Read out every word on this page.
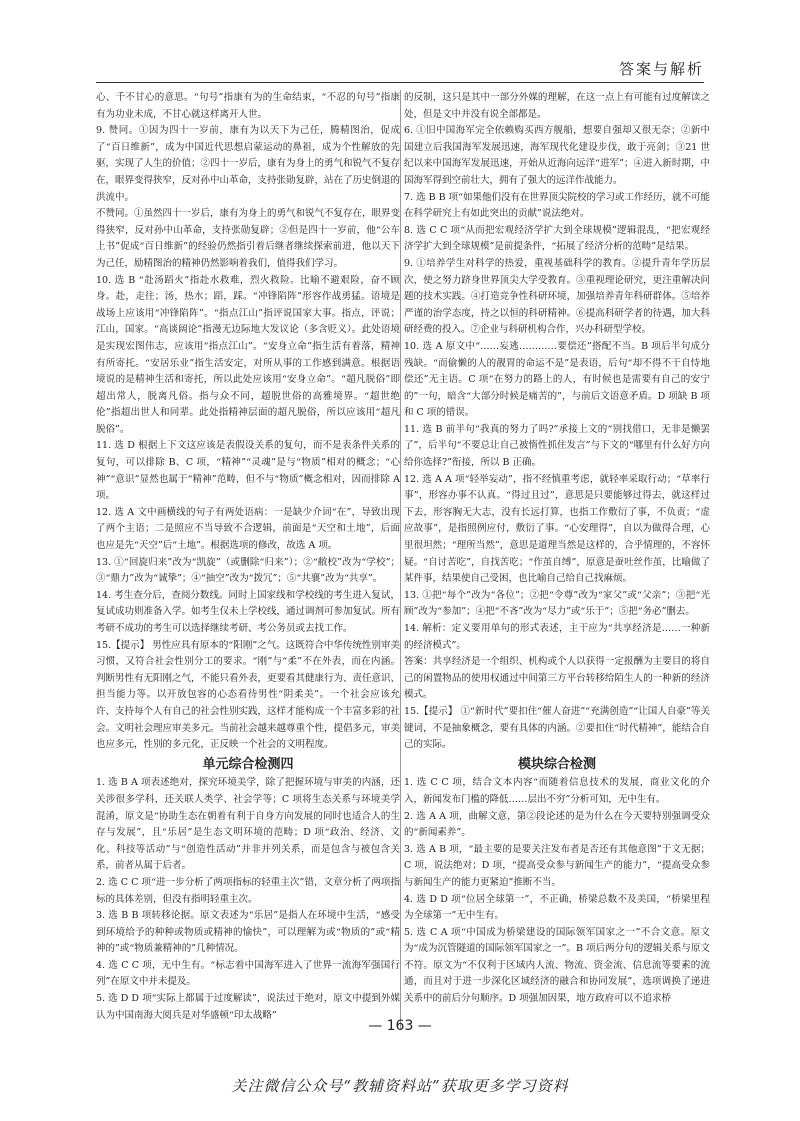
答案与解析

心、千不甘心的意思。“句号”指康有为的生命结束，“不忍的句号”指康有为功业未成，不甘心就这样离开人世。

9. 赞同。①因为四十一岁前，康有为以天下为己任，腾精图治，促成了“百日维新”，成为中国近代思想启蒙运动的鼻祖，成为个性解放的先驱，实现了人生的价值；②四十一岁后，康有为身上的勇气和锐气不复存在，眼界变得狭窄，反对孙中山革命，支持张勋复辟，站在了历史倒退的洪流中。

不赞同。①虽然四十一岁后，康有为身上的勇气和锐气不复存在，眼界变得狭窄，反对孙中山革命，支持张勋复辟；②但是四十一岁前，他“公车上书”促成“百日维新”的经验仍然指引着后继者继续探索前进，他以天下为己任，励精图治的精神仍然影响着我们，值得我们学习。

10. 选 B “赴汤蹈火”指赴水救难，烈火救险。比喻不避艰险，奋不顾身。赴，走往；汤，热水；蹈，踩。“冲锋陷阵”形容作战勇猛。语境是战场上应该用“冲锋陷阵”。“指点江山”指评说国家大事。指点，评说；江山，国家。“高谈阔论”指漫无边际地大发议论（多含贬义）。此处语境是实现宏图伟志，应该用“指点江山”。“安身立命”指生活有着落，精神有所寄托。“安居乐业”指生活安定，对所从事的工作感到满意。根据语境说的是精神生活和寄托，所以此处应该用“安身立命”。“超凡脱俗”即超出常人，脱离凡俗。指与众不同，超脱世俗的高雅境界。“超世绝伦”指超出世人和同辈。此处指精神层面的超凡脱俗，所以应该用“超凡脱俗”。

11. 选 D 根据上下文这应该是表假设关系的复句，而不是表条件关系的复句，可以排除 B、C 项，“精神”“灵魂”是与“物质”相对的概念；“心神”“意识”显然也属于“精神”范畴，但不与“物质”概念相对，因而排除 A 项。

12. 选 A 文中画横线的句子有两处语病：一是缺少介词“在”，导致出现了两个主语；二是照应不当导致不合逻辑，前面是“天空和土地”，后面也应是先“天空”后“土地”。根据选项的修改，故选 A 项。

13. ①“回旋归来”改为“凯旋”（或删除“归来”）；②“敝校”改为“学校”；③“鼎力”改为“诚挚”；④“抽空”改为“拨冗”；⑤“共襄”改为“共享”。

14. 考生查分后，查阅分数线。同时上国家线和学校线的考生进入复试，复试成功则准备入学。如考生仅未上学校线，通过调剂可参加复试。所有考研不成功的考生可以选择继续考研、考公务员或去找工作。

15.【提示】 男性应具有原本的“阳刚”之气。这既符合中华传统性别审美习惯，又符合社会性别分工的要求。“刚”与“柔”不在外表，而在内涵。判断男性有无阳刚之气，不能只看外表，更要看其健康行为、责任意识、担当能力等。以开放包容的心态看待男性“阴柔美”。一个社会应该允许、支持每个人有自己的社会性别实践，这样才能构成一个丰富多彩的社会。文明社会理应审美多元。当前社会越来越尊重个性，提倡多元，审美也应多元，性别的多元化，正反映一个社会的文明程度。

单元综合检测四

1. 选 B A 项表述绝对，探究环境美学，除了把握环境与审美的内涵，还关涉很多学科，还关联人类学、社会学等；C 项将生态关系与环境美学混淆，原文是“协助生态在朝着有利于自身方向发展的同时也适合人的生存与发展”，且“乐居”是生态文明环境的范畴；D 项“政治、经济、文化、科技等活动”与“创造性活动”并非并列关系，而是包含与被包含关系，前者从属于后者。

2. 选 C C 项“进一步分析了两项指标的轻重主次”错，文章分析了两项指标的具体差别，但没有指明轻重主次。

3. 选 B B 项转移论据。原文表述为“乐居”是指人在环境中生活，“感受到环境给予的种种或物质或精神的愉快”，可以理解为或“物质的”或“精神的”或“物质兼精神的”几种情况。

4. 选 C C 项，无中生有。“标志着中国海军进入了世界一流海军强国行列”在原文中并未提及。

5. 选 D D 项“实际上都属于过度解读”，说法过于绝对，原文中提到外媒认为中国南海大阅兵是对华盛顿“印太战略”

的反制，这只是其中一部分外媒的理解，在这一点上有可能有过度解读之处，但是文中并没有说全部都是。

6. ①旧中国海军完全依赖购买西方舰船，想要自强却又很无奈；②新中国建立后我国海军发展迅速，海军现代化建设步伐，敢于亮剑；③21 世纪以来中国海军发展迅速，开始从近海向远洋“进军”；④进入新时期，中国海军得到空前壮大，拥有了强大的远洋作战能力。

7. 选 B B 项“如果他们没有在世界顶尖院校的学习或工作经历，就不可能在科学研究上有如此突出的贡献”说法绝对。

8. 选 C C 项“从而把宏观经济学扩大到全球规模”逻辑混乱，“把宏观经济学扩大到全球规模”是前提条件，“拓展了经济分析的范畴”是结果。

9. ①培养学生对科学的热爱，重视基础科学的教育。②提升青年学历层次，使之努力跻身世界顶尖大学受教育。③重视理论研究，更注重解决问题的技术实践。④打造竞争性科研环境，加强培养青年科研群体。⑤培养严谨的治学态度，持之以恒的科研精神。⑥提高科研学者的待遇，加大科研经费的投入。⑦企业与科研机构合作，兴办科研型学校。

10. 选 A 原文中“……妄逃…………要偿还”搭配不当。B 项后半句成分残缺。“而偷懒的人的靓胃的命运不是”是表语，后句“却不得不干自恃地偿还”无主语。C 项“在努力的路上的人，有时候也是需要有自己的安宁的”一句，暗含“大部分时候是痛苦的”，与前后文语意矛盾。D 项缺 B 项和 C 项的错误。

11. 选 B 前半句“我真的努力了吗?”承接上文的“别找借口，无非是懒罢了”，后半句“不要总让自己被惰性抓住发言”与下文的“哪里有什么好方向给你选择?”衔接，所以 B 正确。

12. 选 A A 项“轻举妄动”，指不经慎重考虑，就轻率采取行动；“草率行事”，形容办事不认真。“得过且过”，意思是只要能够过得去，就这样过下去，形容胸无大志，没有长远打算，也指工作敷衍了事，不负责；“虚应故事”，是指照例应付，敷衍了事。“心安理得”，自以为做得合理，心里很坦然；“理所当然”，意思是道理当然是这样的，合乎情理的，不容怀疑。“自讨苦吃”，自找苦吃；“作茧自缚”，原意是蚕吐丝作茧，比喻做了某件事，结果使自己受困，也比喻自己给自己找麻烦。

13. ①把“每个”改为“各位”；②把“令尊”改为“家父”或“父亲”；③把“光顾”改为“参加”；④把“不吝”改为“尽力”或“乐于”；⑤把“务必”删去。

14. 解析：定义要用单句的形式表述，主干应为“共享经济是……一种新的经济模式”。

答案：共享经济是一个组织、机构或个人以获得一定报酬为主要目的将自己的闲置物品的使用权通过中间第三方平台转移给陌生人的一种新的经济模式。

15.【提示】 ①“新时代”要扣住“催人奋进”“充满创造”“让国人自豪”等关键词，不是抽象概念，要有具体的内涵。②要扣住“时代精神”，能结合自己的实际。

模块综合检测

1. 选 C C 项，结合文本内容“而随着信息技术的发展，商业文化的介入，新闻发布门槛的降低……层出不穷”分析可知，无中生有。

2. 选 A A 项，曲解文意，第②段论述的是为什么在今天要特别强调受众的“新闻素养”。

3. 选 A B 项，“最主要的是要关注发布者是否还有其他意图”于文无据；C 项，说法绝对；D 项，“提高受众参与新闻生产的能力”，“提高受众参与新闻生产的能力更紧迫”推断不当。

4. 选 D D 项“位居全球第一”，不正确，桥梁总数不及美国，“桥梁里程为全球第一”无中生有。

5. 选 C A 项“中国成为桥梁建设的国际领军国家之一”不合文意。原文为“成为沉管隧道的国际领军国家之一”。B 项后两分句的逻辑关系与原文不符。原文为“不仅利于区域内人流、物流、资金流、信息流等要素的流通，而且对于进一步深化区域经济的融合和协同发展”，选项调换了递进关系中的前后分句顺序。D 项强加因果，地方政府可以不追求桥

— 163 —
关注微信公众号“教辅资料站”获取更多学习资料
